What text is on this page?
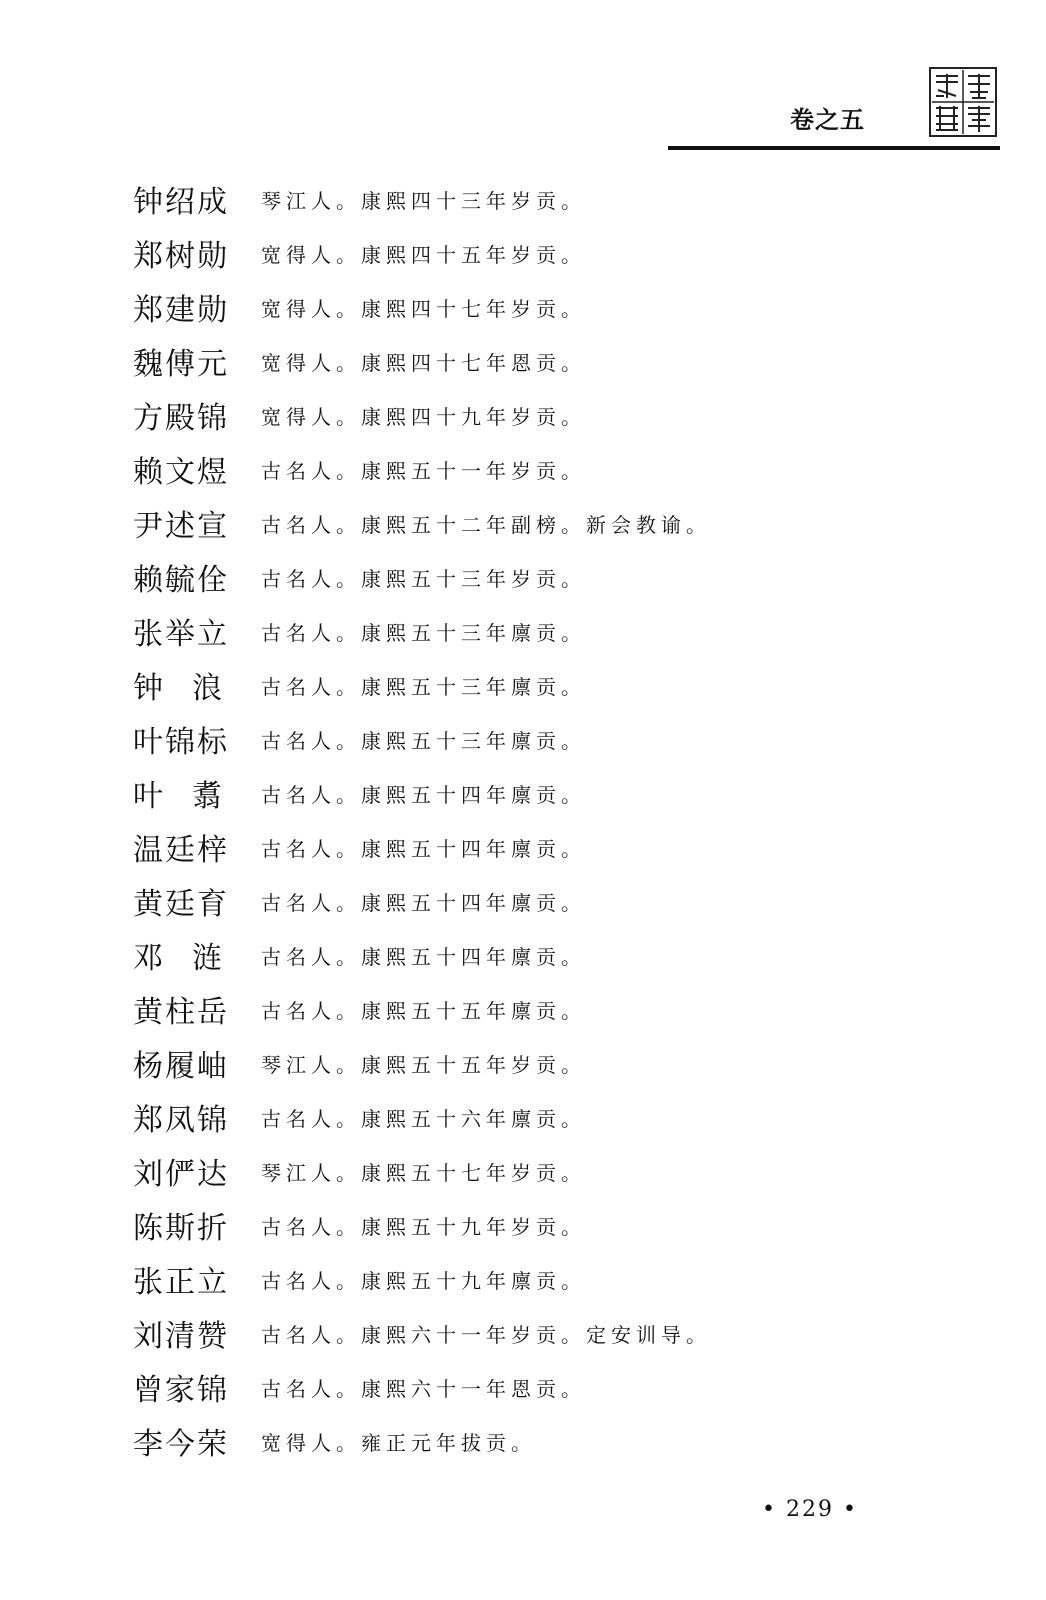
卷之五
钟绍成	琴江人。康熙四十三年岁贡。
郑树勋	宽得人。康熙四十五年岁贡。
郑建勋	宽得人。康熙四十七年岁贡。
魏傅元	宽得人。康熙四十七年恩贡。
方殿锦	宽得人。康熙四十九年岁贡。
赖文煜	古名人。康熙五十一年岁贡。
尹述宣	古名人。康熙五十二年副榜。新会教谕。
赖毓佺	古名人。康熙五十三年岁贡。
张举立	古名人。康熙五十三年廪贡。
钟浪 古名人。康熙五十三年廪贡。
叶锦标	古名人。康熙五十三年廪贡。
叶翥 古名人。康熙五十四年廪贡。
温廷梓	古名人。康熙五十四年廪贡。
黄廷育	古名人。康熙五十四年廪贡。
邓涟 古名人。康熙五十四年廪贡。
黄柱岳	古名人。康熙五十五年廪贡。
杨履岫	琴江人。康熙五十五年岁贡。
郑凤锦	古名人。康熙五十六年廪贡。
刘俨达	琴江人。康熙五十七年岁贡。
陈斯折	古名人。康熙五十九年岁贡。
张正立	古名人。康熙五十九年廪贡。
刘清赞	古名人。康熙六十一年岁贡。定安训导。
曾家锦	古名人。康熙六十一年恩贡。
李今荣	宽得人。雍正元年拔贡。
• 229 •
